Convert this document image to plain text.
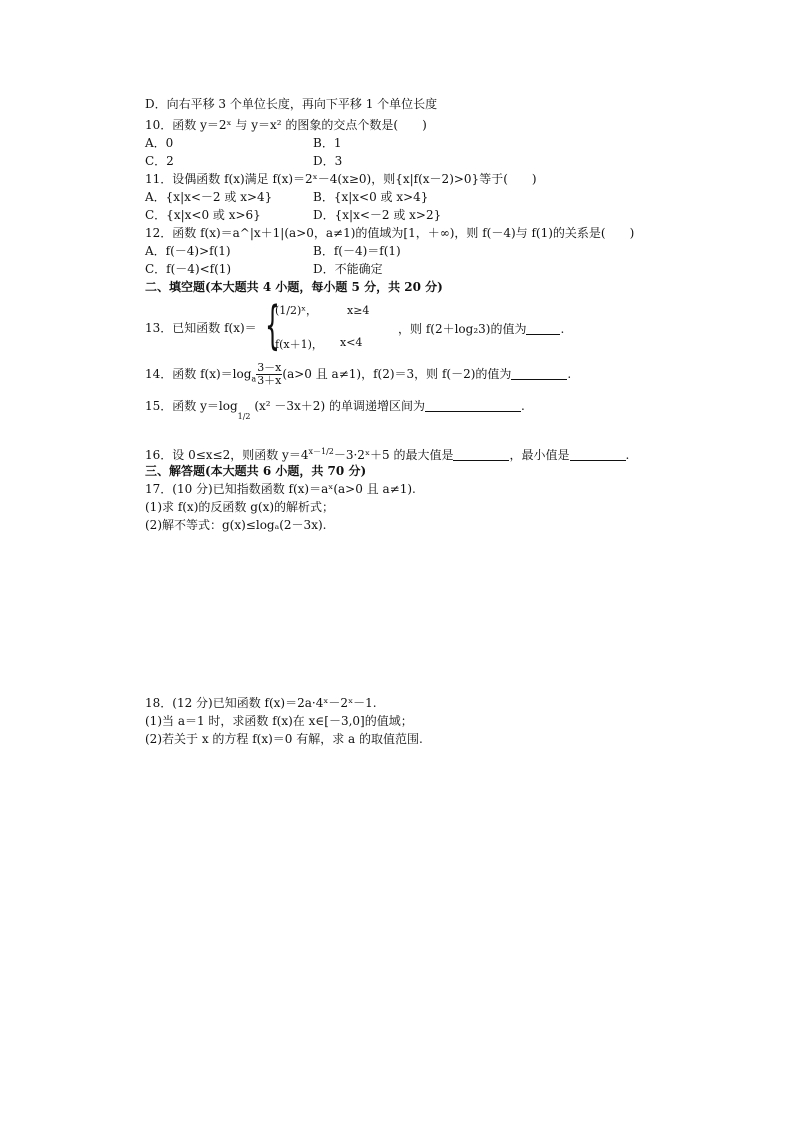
D．向右平移 3 个单位长度，再向下平移 1 个单位长度
10．函数 y＝2ˣ 与 y＝x² 的图象的交点个数是(　　)
A．0	B．1
C．2	D．3
11．设偶函数 f(x)满足 f(x)＝2ˣ－4(x≥0)，则{x|f(x－2)>0}等于(　　)
A．{x|x<－2 或 x>4}	B．{x|x<0 或 x>4}
C．{x|x<0 或 x>6}	D．{x|x<－2 或 x>2}
12．函数 f(x)＝a^|x＋1|(a>0，a≠1)的值域为[1，＋∞)，则 f(－4)与 f(1)的关系是(　　)
A．f(－4)>f(1)	B．f(－4)＝f(1)
C．f(－4)<f(1)	D．不能确定
二、填空题(本大题共 4 小题，每小题 5 分，共 20 分)
13．已知函数 f(x)＝ {
(1/2)ˣ，	x≥4
f(x＋1)， x<4
，则 f(2＋log₂3)的值为	.
14．函数 $f(x)=\log_a \frac{3-x}{3+x} (a>0$ 且 a≠1)，f(2)＝3，则 f(－2)的值为	.
15．函数 $y=\log_{1/2}$ (x² －3x＋2) 的单调递增区间为	.
16．设 0≤x≤2，则函数 $y=4^{x-1/2}-3\cdot 2ˣ+5$ 的最大值是	，最小值是	.
三、解答题(本大题共 6 小题，共 70 分)
17．(10 分)已知指数函数 f(x)＝aˣ(a>0 且 a≠1).
(1)求 f(x)的反函数 g(x)的解析式；
(2)解不等式：g(x)≤logₐ(2－3x).
18．(12 分)已知函数 f(x)＝2a·4ˣ－2ˣ－1.
(1)当 a＝1 时，求函数 f(x)在 x∈[－3,0]的值域；
(2)若关于 x 的方程 f(x)＝0 有解，求 a 的取值范围.
